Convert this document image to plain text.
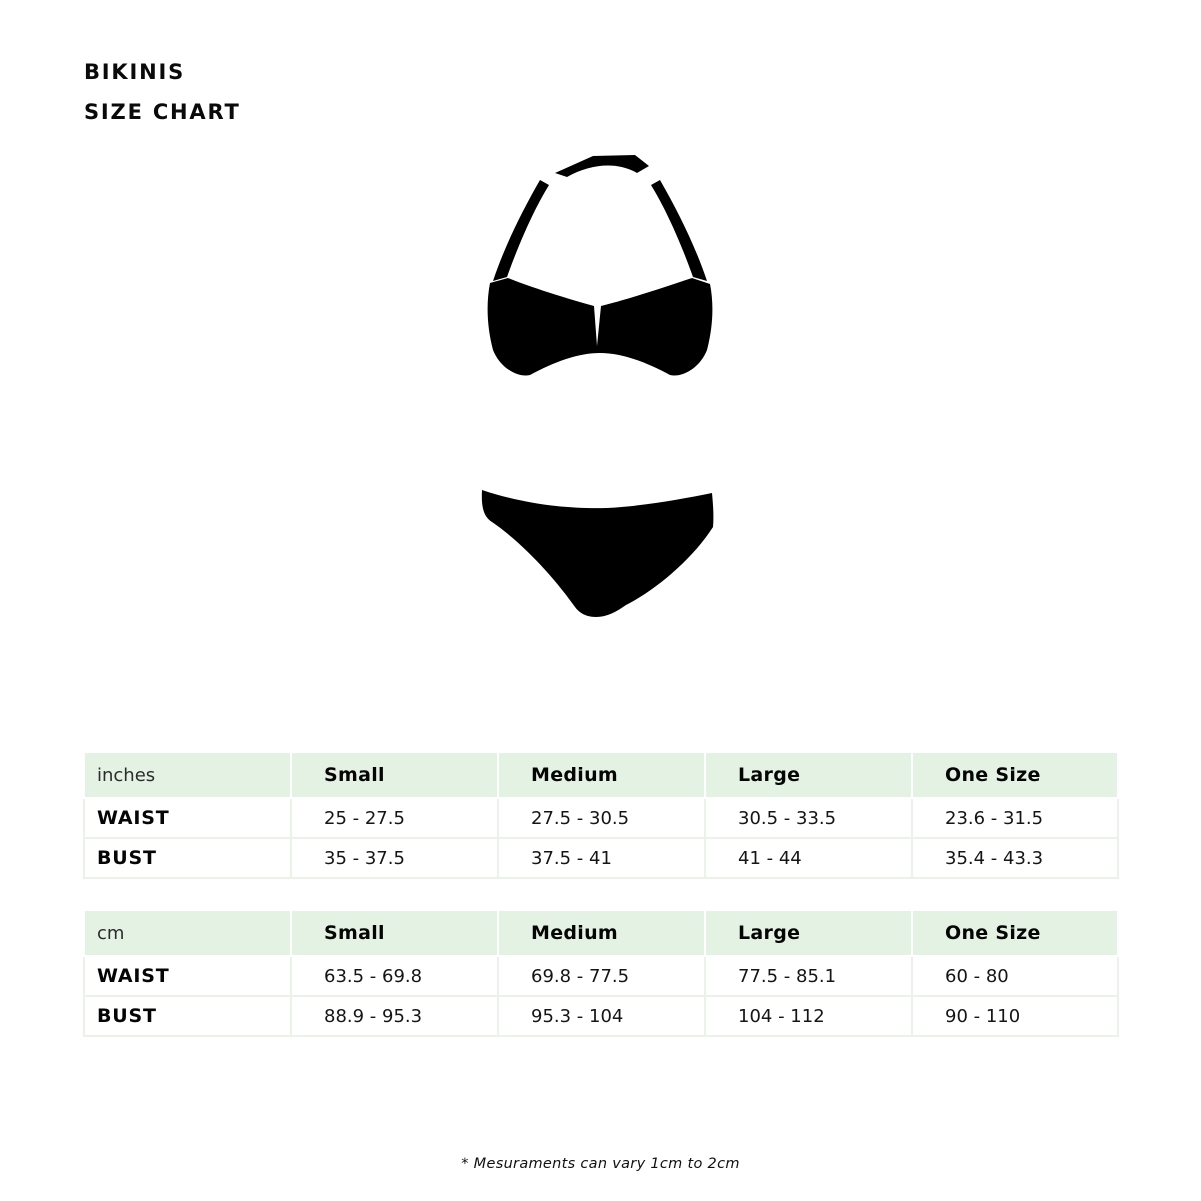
BIKINIS
SIZE CHART
inches	Small	Medium	Large	One Size
WAIST	25 - 27.5	27.5 - 30.5	30.5 - 33.5	23.6 - 31.5
BUST	35 - 37.5	37.5 - 41	41 - 44	35.4 - 43.3
cm	Small	Medium	Large	One Size
WAIST	63.5 - 69.8	69.8 - 77.5	77.5 - 85.1	60 - 80
BUST	88.9 - 95.3	95.3 - 104	104 - 112	90 - 110
* Mesuraments can vary 1cm to 2cm
